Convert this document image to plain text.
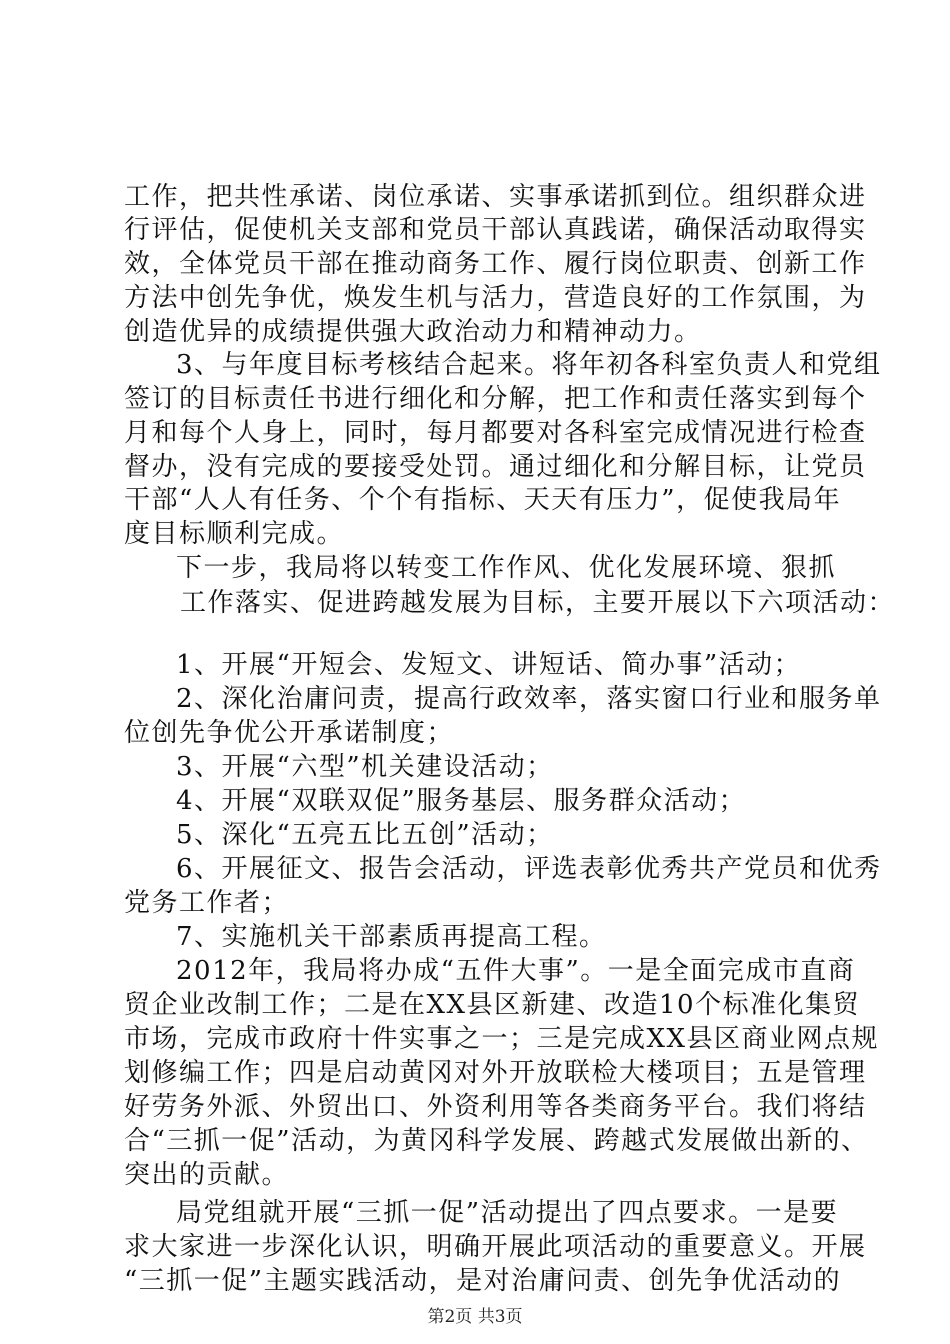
工作，把共性承诺、岗位承诺、实事承诺抓到位。组织群众进
行评估，促使机关支部和党员干部认真践诺，确保活动取得实
效，全体党员干部在推动商务工作、履行岗位职责、创新工作
方法中创先争优，焕发生机与活力，营造良好的工作氛围，为
创造优异的成绩提供强大政治动力和精神动力。
3、与年度目标考核结合起来。将年初各科室负责人和党组
签订的目标责任书进行细化和分解，把工作和责任落实到每个
月和每个人身上，同时，每月都要对各科室完成情况进行检查
督办，没有完成的要接受处罚。通过细化和分解目标，让党员
干部“人人有任务、个个有指标、天天有压力”，促使我局年
度目标顺利完成。
下一步，我局将以转变工作作风、优化发展环境、狠抓
工作落实、促进跨越发展为目标，主要开展以下六项活动：
1、开展“开短会、发短文、讲短话、简办事”活动；
2、深化治庸问责，提高行政效率，落实窗口行业和服务单
位创先争优公开承诺制度；
3、开展“六型”机关建设活动；
4、开展“双联双促”服务基层、服务群众活动；
5、深化“五亮五比五创”活动；
6、开展征文、报告会活动，评选表彰优秀共产党员和优秀
党务工作者；
7、实施机关干部素质再提高工程。
2012年，我局将办成“五件大事”。一是全面完成市直商
贸企业改制工作；二是在XX县区新建、改造10个标准化集贸
市场，完成市政府十件实事之一；三是完成XX县区商业网点规
划修编工作；四是启动黄冈对外开放联检大楼项目；五是管理
好劳务外派、外贸出口、外资利用等各类商务平台。我们将结
合“三抓一促”活动，为黄冈科学发展、跨越式发展做出新的、
突出的贡献。
局党组就开展“三抓一促”活动提出了四点要求。一是要
求大家进一步深化认识，明确开展此项活动的重要意义。开展
“三抓一促”主题实践活动，是对治庸问责、创先争优活动的
第2页 共3页
